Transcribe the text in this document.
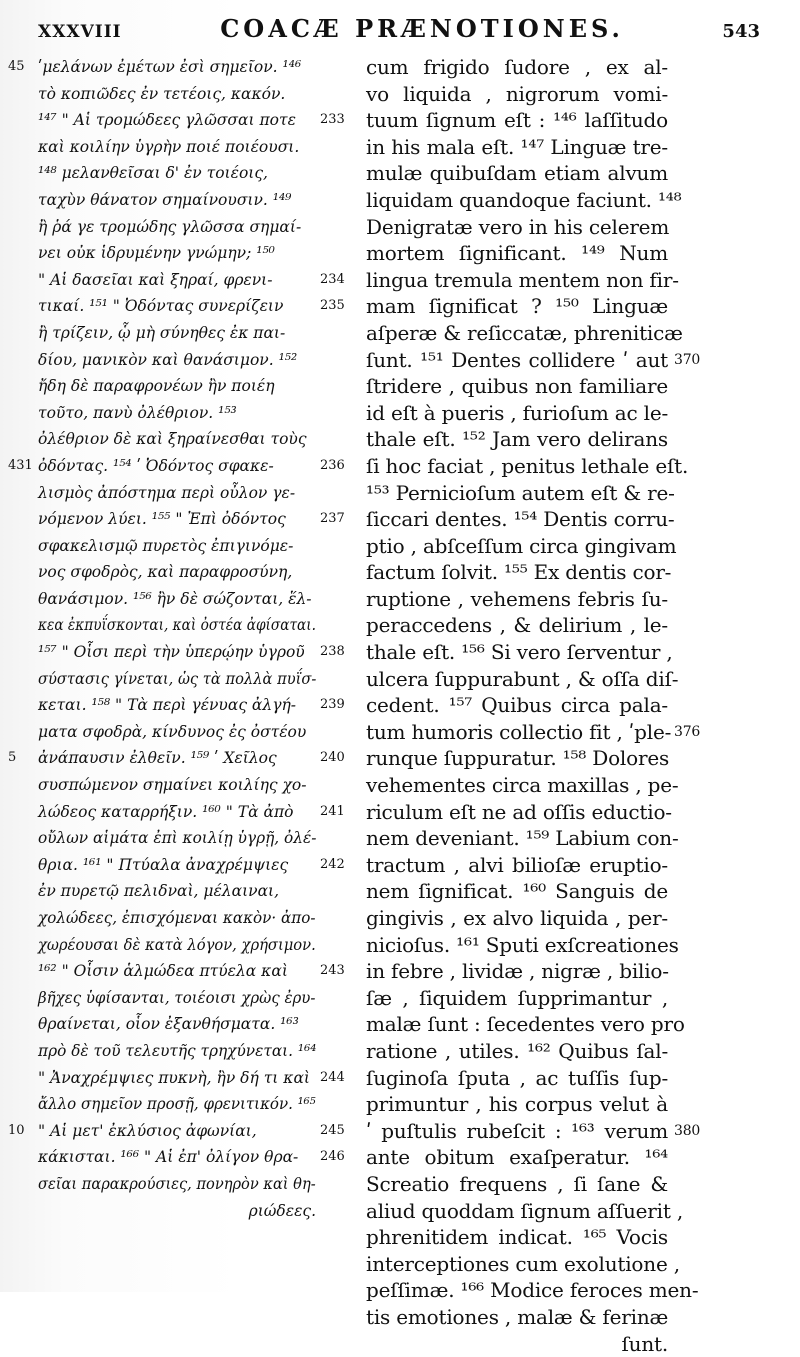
XXXVIII	COACÆ PRÆNOTIONES.	543
ʹμελάνων ἐμέτων ἐσὶ σημεῖον. ¹⁴⁶
45
τὸ κοπιῶδες ἐν τετέοις, κακόν.
¹⁴⁷ " Αἱ τρομώδεες γλῶσσαι ποτε 233
καὶ κοιλίην ὑγρὴν ποιέ ποιέουσι.
¹⁴⁸ μελανθεῖσαι δ' ἐν τοιέοις,
ταχὺν θάνατον σημαίνουσιν. ¹⁴⁹
ἢ ῥά γε τρομώδης γλῶσσα σημαί-
νει οὐκ ἱδρυμένην γνώμην; ¹⁵⁰
" Αἱ δασεῖαι καὶ ξηραί, φρενι-	234
τικαί. ¹⁵¹ " Ὀδόντας συνερίζειν	235
ἢ τρίζειν, ᾧ μὴ σύνηθες ἐκ παι-
δίου, μανικὸν καὶ θανάσιμον. ¹⁵²
ἤδη δὲ παραφρονέων ἢν ποιέη
τοῦτο, πανὺ ὀλέθριον. ¹⁵³
ὀλέθριον δὲ καὶ ξηραίνεσθαι τοὺς
ὀδόντας. ¹⁵⁴ ʹ Ὀδόντος σφακε-	236
431
λισμὸς ἀπόστημα περὶ οὖλον γε-
νόμενον λύει. ¹⁵⁵ " Ἐπὶ ὀδόντος	237
σφακελισμῷ πυρετὸς ἐπιγινόμε-
νος σφοδρὸς, καὶ παραφροσύνη,
θανάσιμον. ¹⁵⁶ ἢν δὲ σώζονται, ἕλ-
κεα ἐκπυΐσκονται, καὶ ὀστέα ἀφίσαται.
¹⁵⁷ " Οἷσι περὶ τὴν ὑπερῴην ὑγροῦ 238
σύστασις γίνεται, ὡς τὰ πολλὰ πυΐσ-
κεται. ¹⁵⁸ " Τὰ περὶ γένυας ἀλγή- 239
ματα σφοδρὰ, κίνδυνος ἐς ὀστέου
ἀνάπαυσιν ἐλθεῖν. ¹⁵⁹ ʹ Χεῖλος	240
5
συσπώμενον σημαίνει κοιλίης χο-
λώδεος καταρρήξιν. ¹⁶⁰ " Τὰ ἀπὸ 241
οὔλων αἱμάτα ἐπὶ κοιλίῃ ὑγρῇ, ὀλέ-
θρια. ¹⁶¹ " Πτύαλα ἀναχρέμψιες 242
ἐν πυρετῷ πελιδναὶ, μέλαιναι,
χολώδεες, ἐπισχόμεναι κακὸν· ἀπο-
χωρέουσαι δὲ κατὰ λόγον, χρήσιμον.
¹⁶² " Οἷσιν ἁλμώδεα πτύελα καὶ 243
βῆχες ὑφίσανται, τοιέοισι χρὼς ἐρυ-
θραίνεται, οἷον ἐξανθήσματα. ¹⁶³
πρὸ δὲ τοῦ τελευτῆς τρηχύνεται. ¹⁶⁴
" Ἀναχρέμψιες πυκνὴ, ἢν δή τι καὶ 244
ἄλλο σημεῖον προσῇ, φρενιτικόν. ¹⁶⁵
" Αἱ μετ' ἐκλύσιος ἀφωνίαι,	245
10
κάκισται. ¹⁶⁶ " Αἱ ἐπ' ὀλίγον θρα- 246
σεῖαι παρακρούσιες, πονηρὸν καὶ θη-
ριώδεες.
cum frigido ſudore , ex al-
vo liquida , nigrorum vomi-
tuum ſignum eſt : ¹⁴⁶ laſſitudo
in his mala eſt. ¹⁴⁷ Linguæ tre-
mulæ quibuſdam etiam alvum
liquidam quandoque faciunt. ¹⁴⁸
Denigratæ vero in his celerem
mortem ſignificant. ¹⁴⁹ Num
lingua tremula mentem non fir-
mam ſignificat ? ¹⁵⁰ Linguæ
aſperæ & reſiccatæ, phreniticæ
ſunt. ¹⁵¹ Dentes collidere ʹ aut 370
ſtridere , quibus non familiare
id eſt à pueris , furioſum ac le-
thale eſt. ¹⁵² Jam vero delirans
ſi hoc faciat , penitus lethale eſt.
¹⁵³ Pernicioſum autem eſt & re-
ſiccari dentes. ¹⁵⁴ Dentis corru-
ptio , abſceſſum circa gingivam
factum ſolvit. ¹⁵⁵ Ex dentis cor-
ruptione , vehemens febris ſu-
peraccedens , & delirium , le-
thale eſt. ¹⁵⁶ Si vero ſerventur ,
ulcera ſuppurabunt , & oſſa diſ-
cedent. ¹⁵⁷ Quibus circa pala-
tum humoris collectio fit , ʹple- 376
runque ſuppuratur. ¹⁵⁸ Dolores
vehementes circa maxillas , pe-
riculum eſt ne ad oſſis eductio-
nem deveniant. ¹⁵⁹ Labium con-
tractum , alvi bilioſæ eruptio-
nem ſignificat. ¹⁶⁰ Sanguis de
gingivis , ex alvo liquida , per-
nicioſus. ¹⁶¹ Sputi exſcreationes
in febre , lividæ , nigræ , bilio-
ſæ , ſiquidem ſupprimantur ,
malæ ſunt : ſecedentes vero pro
ratione , utiles. ¹⁶² Quibus ſal-
ſuginoſa ſputa , ac tuſſis ſup-
primuntur , his corpus velut à
ʹ puſtulis rubeſcit : ¹⁶³ verum 380
ante obitum exaſperatur. ¹⁶⁴
Screatio frequens , ſi ſane &
aliud quoddam ſignum aſſuerit ,
phrenitidem indicat. ¹⁶⁵ Vocis
interceptiones cum exolutione ,
peſſimæ. ¹⁶⁶ Modice feroces men-
tis emotiones , malæ & ferinæ
ſunt.
